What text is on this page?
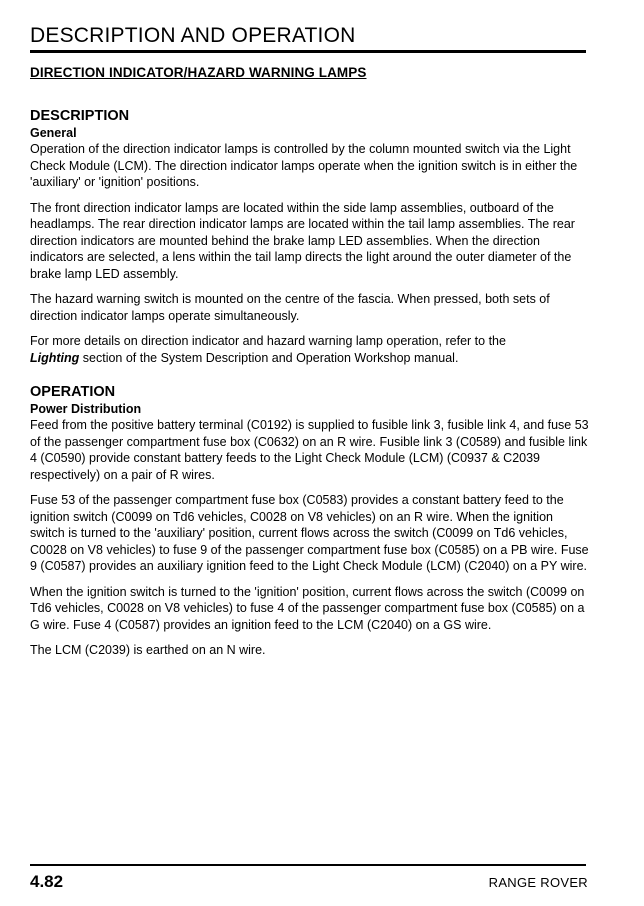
DESCRIPTION AND OPERATION
DIRECTION INDICATOR/HAZARD WARNING LAMPS
DESCRIPTION
General

Operation of the direction indicator lamps is controlled by the column mounted switch via the Light Check Module (LCM). The direction indicator lamps operate when the ignition switch is in either the 'auxiliary' or 'ignition' positions.

The front direction indicator lamps are located within the side lamp assemblies, outboard of the headlamps. The rear direction indicator lamps are located within the tail lamp assemblies. The rear direction indicators are mounted behind the brake lamp LED assemblies. When the direction indicators are selected, a lens within the tail lamp directs the light around the outer diameter of the brake lamp LED assembly.

The hazard warning switch is mounted on the centre of the fascia. When pressed, both sets of direction indicator lamps operate simultaneously.

For more details on direction indicator and hazard warning lamp operation, refer to the
Lighting section of the System Description and Operation Workshop manual.

OPERATION
Power Distribution

Feed from the positive battery terminal (C0192) is supplied to fusible link 3, fusible link 4, and fuse 53 of the passenger compartment fuse box (C0632) on an R wire. Fusible link 3 (C0589) and fusible link 4 (C0590) provide constant battery feeds to the Light Check Module (LCM) (C0937 & C2039 respectively) on a pair of R wires.

Fuse 53 of the passenger compartment fuse box (C0583) provides a constant battery feed to the ignition switch (C0099 on Td6 vehicles, C0028 on V8 vehicles) on an R wire. When the ignition switch is turned to the 'auxiliary' position, current flows across the switch (C0099 on Td6 vehicles, C0028 on V8 vehicles) to fuse 9 of the passenger compartment fuse box (C0585) on a PB wire. Fuse 9 (C0587) provides an auxiliary ignition feed to the Light Check Module (LCM) (C2040) on a PY wire.

When the ignition switch is turned to the 'ignition' position, current flows across the switch (C0099 on Td6 vehicles, C0028 on V8 vehicles) to fuse 4 of the passenger compartment fuse box (C0585) on a G wire. Fuse 4 (C0587) provides an ignition feed to the LCM (C2040) on a GS wire.

The LCM (C2039) is earthed on an N wire.

4.82	RANGE ROVER
